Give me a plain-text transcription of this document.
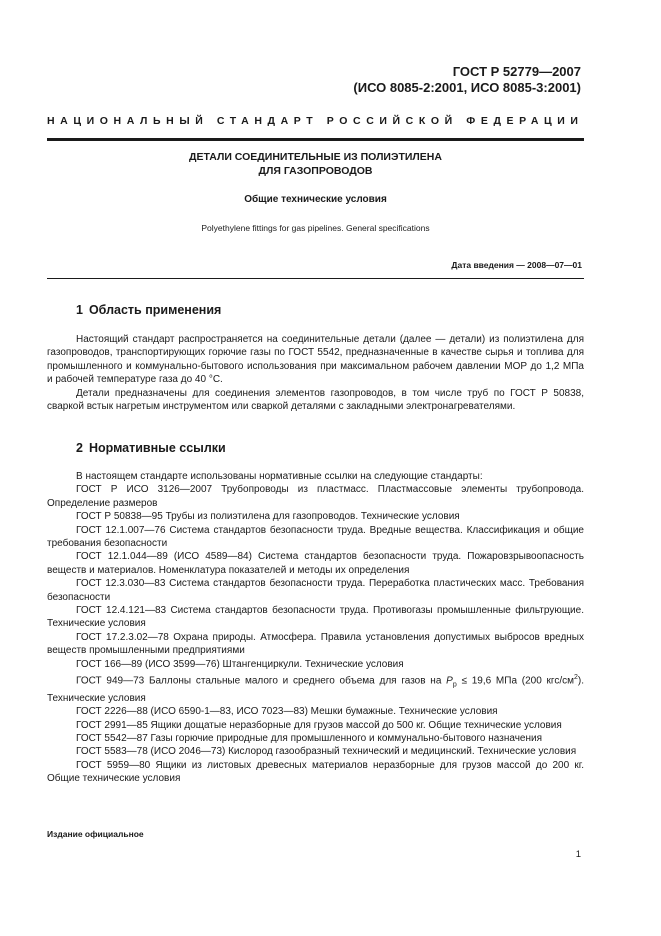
ГОСТ Р 52779—2007
(ИСО 8085-2:2001, ИСО 8085-3:2001)
НАЦИОНАЛЬНЫЙ СТАНДАРТ РОССИЙСКОЙ ФЕДЕРАЦИИ
ДЕТАЛИ СОЕДИНИТЕЛЬНЫЕ ИЗ ПОЛИЭТИЛЕНА
ДЛЯ ГАЗОПРОВОДОВ
Общие технические условия
Polyethylene fittings for gas pipelines. General specifications
Дата введения — 2008—07—01
1 Область применения

Настоящий стандарт распространяется на соединительные детали (далее — детали) из полиэтилена для газопроводов, транспортирующих горючие газы по ГОСТ 5542, предназначенные в качестве сырья и топлива для промышленного и коммунально-бытового использования при максимальном рабочем давлении МОР до 1,2 МПа и рабочей температуре газа до 40 °С.

Детали предназначены для соединения элементов газопроводов, в том числе труб по ГОСТ Р 50838, сваркой встык нагретым инструментом или сваркой деталями с закладными электронагревателями.

2 Нормативные ссылки

В настоящем стандарте использованы нормативные ссылки на следующие стандарты:

ГОСТ Р ИСО 3126—2007 Трубопроводы из пластмасс. Пластмассовые элементы трубопровода. Определение размеров

ГОСТ Р 50838—95 Трубы из полиэтилена для газопроводов. Технические условия

ГОСТ 12.1.007—76 Система стандартов безопасности труда. Вредные вещества. Классификация и общие требования безопасности

ГОСТ 12.1.044—89 (ИСО 4589—84) Система стандартов безопасности труда. Пожаровзрывоопасность веществ и материалов. Номенклатура показателей и методы их определения

ГОСТ 12.3.030—83 Система стандартов безопасности труда. Переработка пластических масс. Требования безопасности

ГОСТ 12.4.121—83 Система стандартов безопасности труда. Противогазы промышленные фильтрующие. Технические условия

ГОСТ 17.2.3.02—78 Охрана природы. Атмосфера. Правила установления допустимых выбросов вредных веществ промышленными предприятиями

ГОСТ 166—89 (ИСО 3599—76) Штангенциркули. Технические условия

ГОСТ 949—73 Баллоны стальные малого и среднего объема для газов на $P_р \le 19,6$ МПа (200 кгс/$см^2$). Технические условия

ГОСТ 2226—88 (ИСО 6590-1—83, ИСО 7023—83) Мешки бумажные. Технические условия

ГОСТ 2991—85 Ящики дощатые неразборные для грузов массой до 500 кг. Общие технические условия

ГОСТ 5542—87 Газы горючие природные для промышленного и коммунально-бытового назначения

ГОСТ 5583—78 (ИСО 2046—73) Кислород газообразный технический и медицинский. Технические условия

ГОСТ 5959—80 Ящики из листовых древесных материалов неразборные для грузов массой до 200 кг. Общие технические условия

Издание официальное
1
